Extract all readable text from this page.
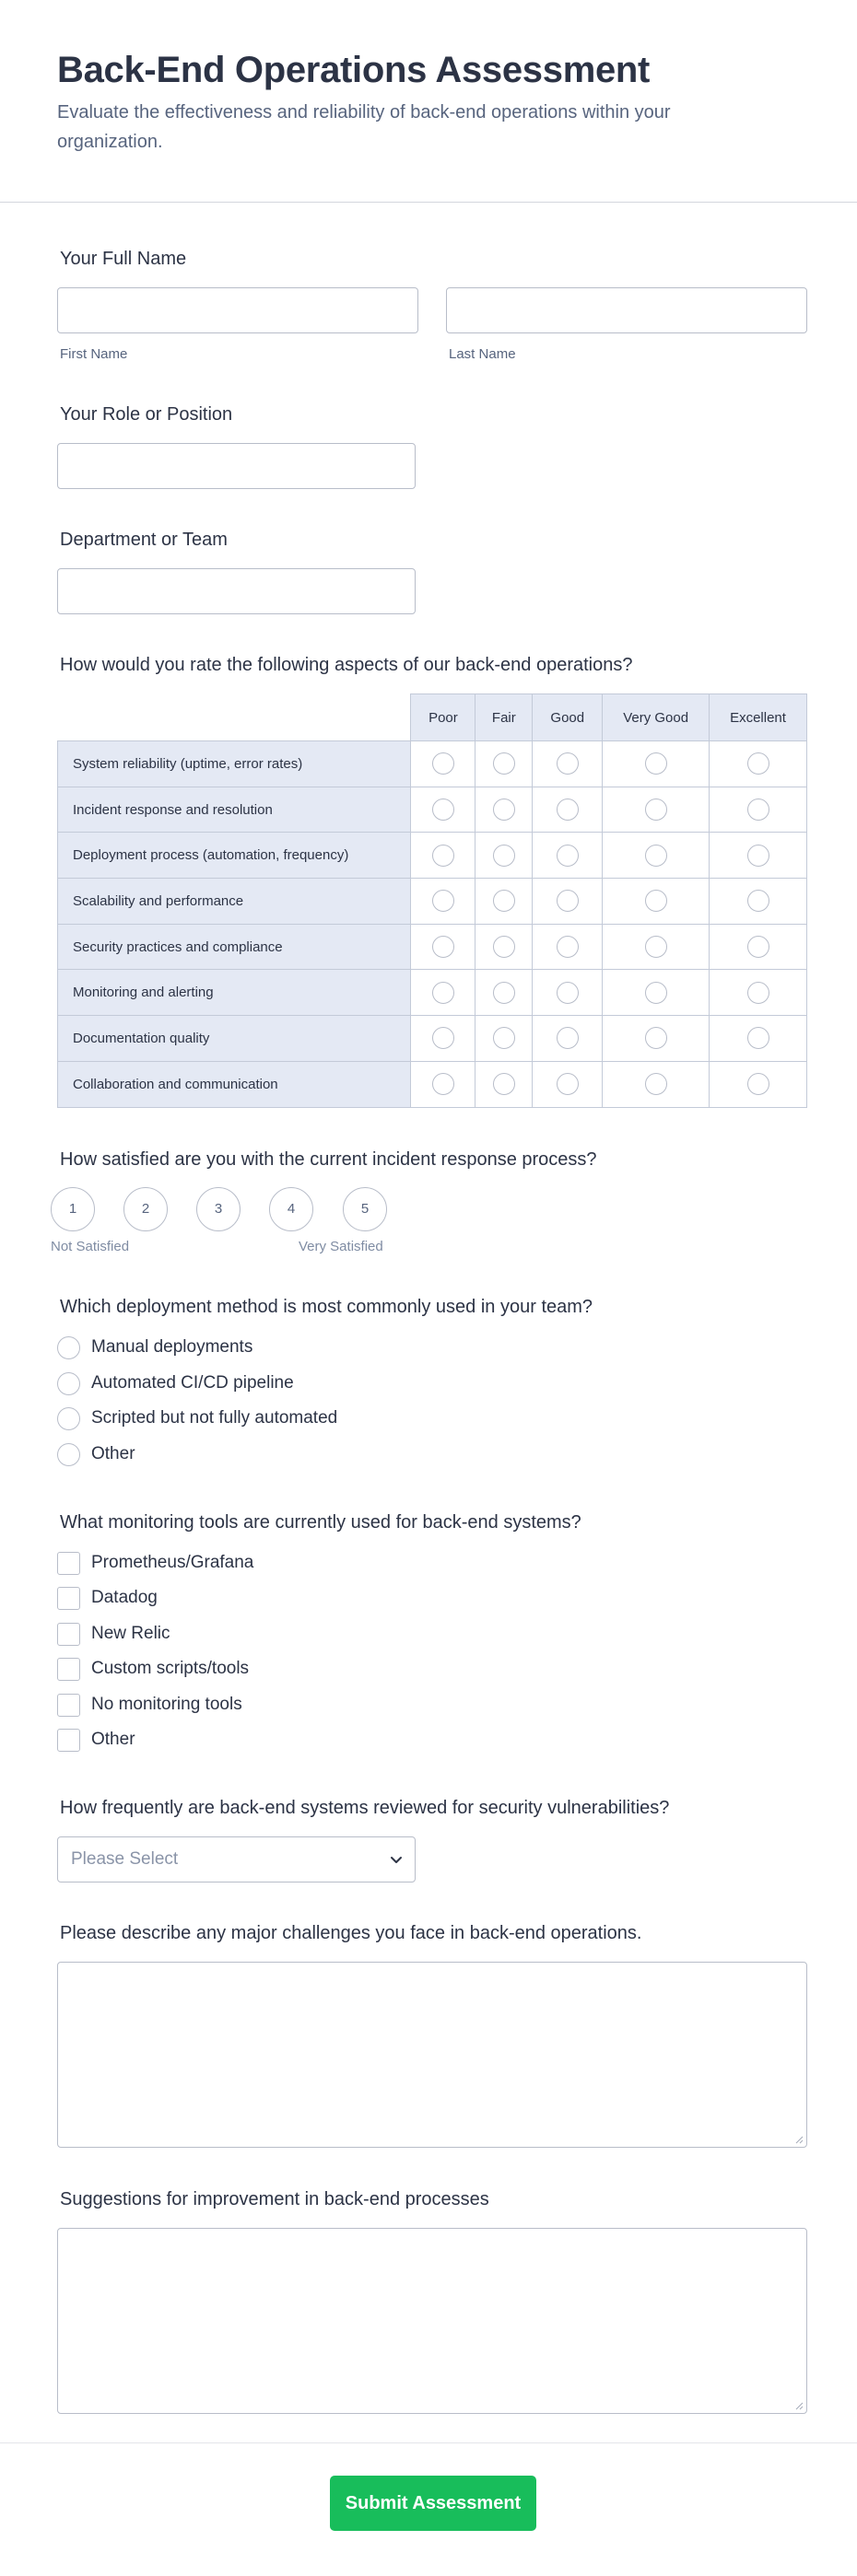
Back-End Operations Assessment
Evaluate the effectiveness and reliability of back-end operations within your organization.
Your Full Name
First Name	Last Name
Your Role or Position
Department or Team
How would you rate the following aspects of our back-end operations?
	Poor	Fair	Good	Very Good	Excellent
System reliability (uptime, error rates)					
Incident response and resolution					
Deployment process (automation, frequency)					
Scalability and performance					
Security practices and compliance					
Monitoring and alerting					
Documentation quality					
Collaboration and communication					
How satisfied are you with the current incident response process?
1	2	3	4	5
Not Satisfied	Very Satisfied
Which deployment method is most commonly used in your team?
Manual deployments
Automated CI/CD pipeline
Scripted but not fully automated
Other
What monitoring tools are currently used for back-end systems?
Prometheus/Grafana
Datadog
New Relic
Custom scripts/tools
No monitoring tools
Other
How frequently are back-end systems reviewed for security vulnerabilities?
Please Select
Please describe any major challenges you face in back-end operations.
Suggestions for improvement in back-end processes
Submit Assessment
